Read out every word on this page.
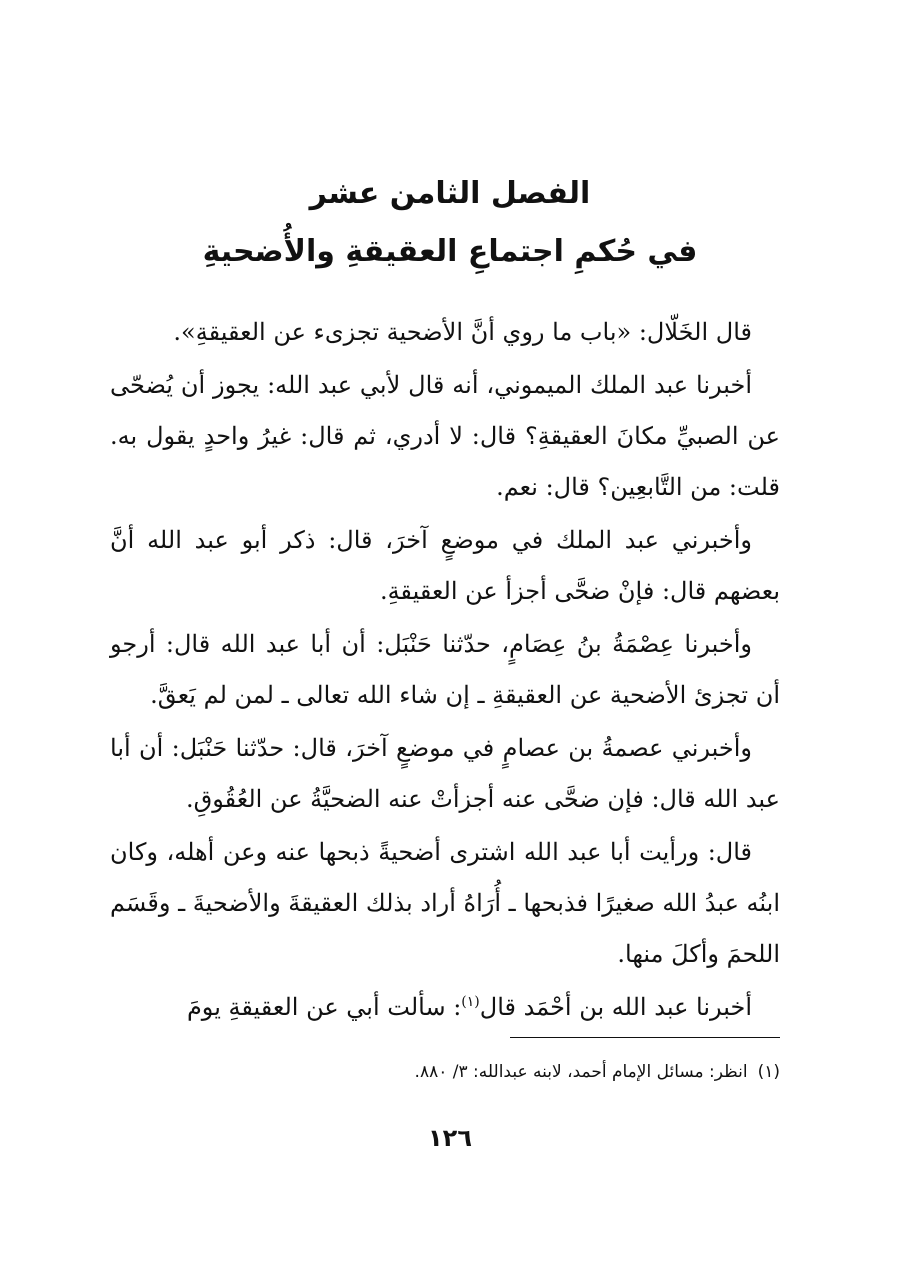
الفصل الثامن عشر
في حُكمِ اجتماعِ العقيقةِ والأُضحيةِ

قال الخَلّال: «باب ما روي أنَّ الأضحية تجزىء عن العقيقةِ».

أخبرنا عبد الملك الميموني، أنه قال لأبي عبد الله: يجوز أن يُضحّى عن الصبيِّ مكانَ العقيقةِ؟ قال: لا أدري، ثم قال: غيرُ واحدٍ يقول به. قلت: من التَّابعِين؟ قال: نعم.

وأخبرني عبد الملك في موضعٍ آخرَ، قال: ذكر أبو عبد الله أنَّ بعضهم قال: فإنْ ضحَّى أجزأ عن العقيقةِ.

وأخبرنا عِصْمَةُ بنُ عِصَامٍ، حدّثنا حَنْبَل: أن أبا عبد الله قال: أرجو أن تجزئ الأضحية عن العقيقةِ ـ إن شاء الله تعالى ـ لمن لم يَعقَّ.

وأخبرني عصمةُ بن عصامٍ في موضعٍ آخرَ، قال: حدّثنا حَنْبَل: أن أبا عبد الله قال: فإن ضحَّى عنه أجزأتْ عنه الضحيَّةُ عن العُقُوقِ.

قال: ورأيت أبا عبد الله اشترى أضحيةً ذبحها عنه وعن أهله، وكان ابنُه عبدُ الله صغيرًا فذبحها ـ أُرَاهُ أراد بذلك العقيقةَ والأضحيةَ ـ وقَسَم اللحمَ وأكلَ منها.

أخبرنا عبد الله بن أحْمَد قال$^{(١)}$: سألت أبي عن العقيقةِ يومَ

(١)انظر: مسائل الإمام أحمد، لابنه عبدالله: ٣/ ٨٨٠.
١٢٦
